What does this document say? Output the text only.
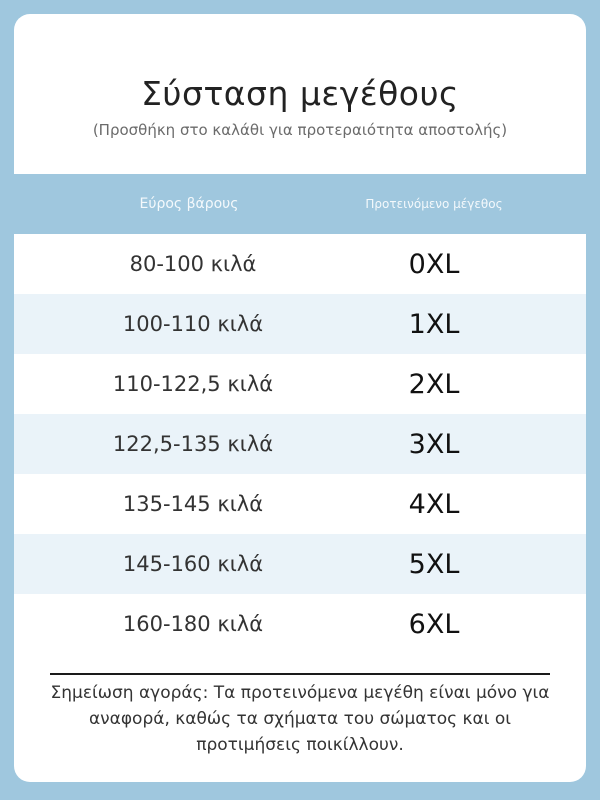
Σύσταση μεγέθους
(Προσθήκη στο καλάθι για προτεραιότητα αποστολής)
Εύρος βάρους	Προτεινόμενο μέγεθος
80-100 κιλά	0XL
100-110 κιλά	1XL
110-122,5 κιλά	2XL
122,5-135 κιλά	3XL
135-145 κιλά	4XL
145-160 κιλά	5XL
160-180 κιλά	6XL
Σημείωση αγοράς: Τα προτεινόμενα μεγέθη είναι μόνο για αναφορά, καθώς τα σχήματα του σώματος και οι προτιμήσεις ποικίλλουν.
